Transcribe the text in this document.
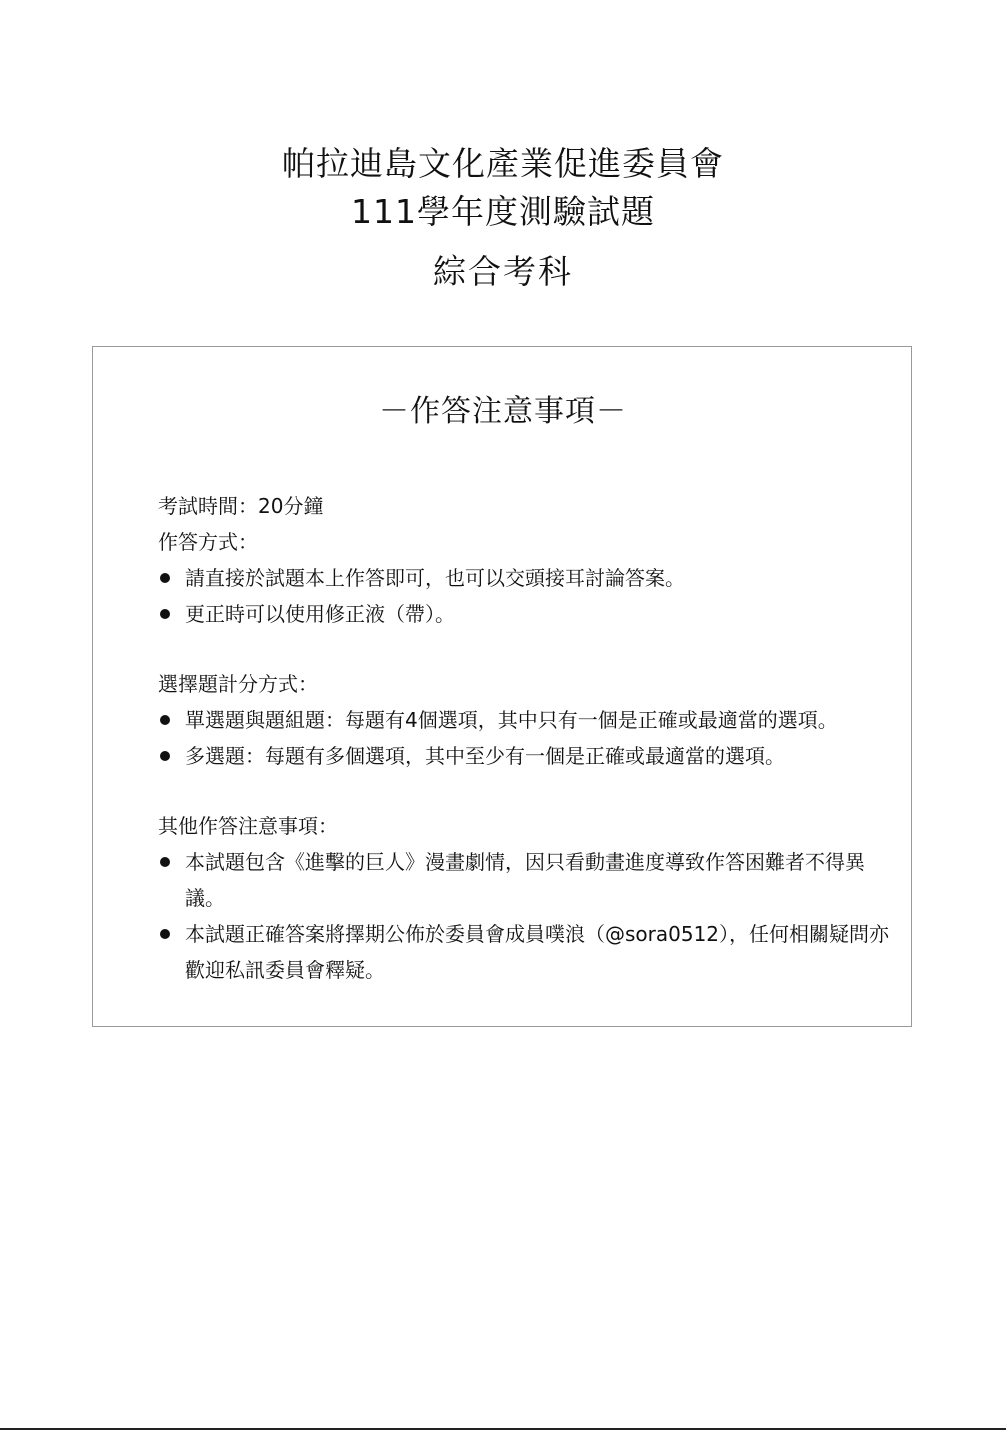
帕拉迪島文化產業促進委員會
111學年度測驗試題
綜合考科
－作答注意事項－
考試時間：20分鐘
作答方式：
請直接於試題本上作答即可，也可以交頭接耳討論答案。
更正時可以使用修正液（帶）。
選擇題計分方式：
單選題與題組題：每題有4個選項，其中只有一個是正確或最適當的選項。
多選題：每題有多個選項，其中至少有一個是正確或最適當的選項。
其他作答注意事項：
本試題包含《進擊的巨人》漫畫劇情，因只看動畫進度導致作答困難者不得異議。
本試題正確答案將擇期公佈於委員會成員噗浪（@sora0512），任何相關疑問亦歡迎私訊委員會釋疑。
